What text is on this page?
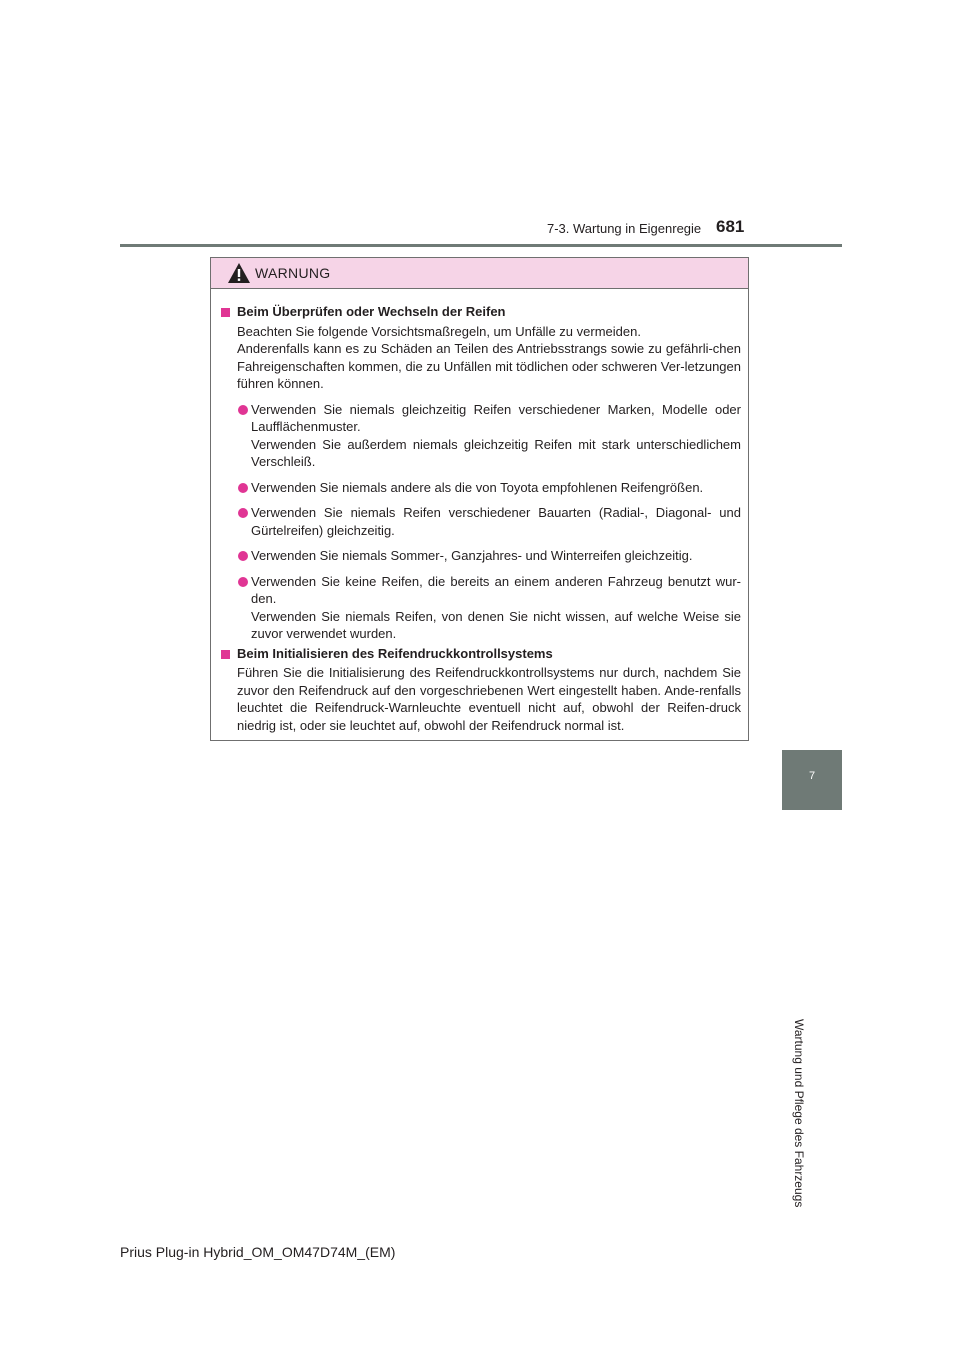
7-3. Wartung in Eigenregie 681
7
Wartung und Pflege des Fahrzeugs
WARNUNG
Beim Überprüfen oder Wechseln der Reifen
Beachten Sie folgende Vorsichtsmaßregeln, um Unfälle zu vermeiden.
Anderenfalls kann es zu Schäden an Teilen des Antriebsstrangs sowie zu gefährli-chen Fahreigenschaften kommen, die zu Unfällen mit tödlichen oder schweren Ver-letzungen führen können.
Verwenden Sie niemals gleichzeitig Reifen verschiedener Marken, Modelle oder Laufflächenmuster.
Verwenden Sie außerdem niemals gleichzeitig Reifen mit stark unterschiedlichem Verschleiß.
Verwenden Sie niemals andere als die von Toyota empfohlenen Reifengrößen.
Verwenden Sie niemals Reifen verschiedener Bauarten (Radial-, Diagonal- und Gürtelreifen) gleichzeitig.
Verwenden Sie niemals Sommer-, Ganzjahres- und Winterreifen gleichzeitig.
Verwenden Sie keine Reifen, die bereits an einem anderen Fahrzeug benutzt wur-den.
Verwenden Sie niemals Reifen, von denen Sie nicht wissen, auf welche Weise sie zuvor verwendet wurden.
Beim Initialisieren des Reifendruckkontrollsystems
Führen Sie die Initialisierung des Reifendruckkontrollsystems nur durch, nachdem Sie zuvor den Reifendruck auf den vorgeschriebenen Wert eingestellt haben. Ande-renfalls leuchtet die Reifendruck-Warnleuchte eventuell nicht auf, obwohl der Reifen-druck niedrig ist, oder sie leuchtet auf, obwohl der Reifendruck normal ist.
Prius Plug-in Hybrid_OM_OM47D74M_(EM)
